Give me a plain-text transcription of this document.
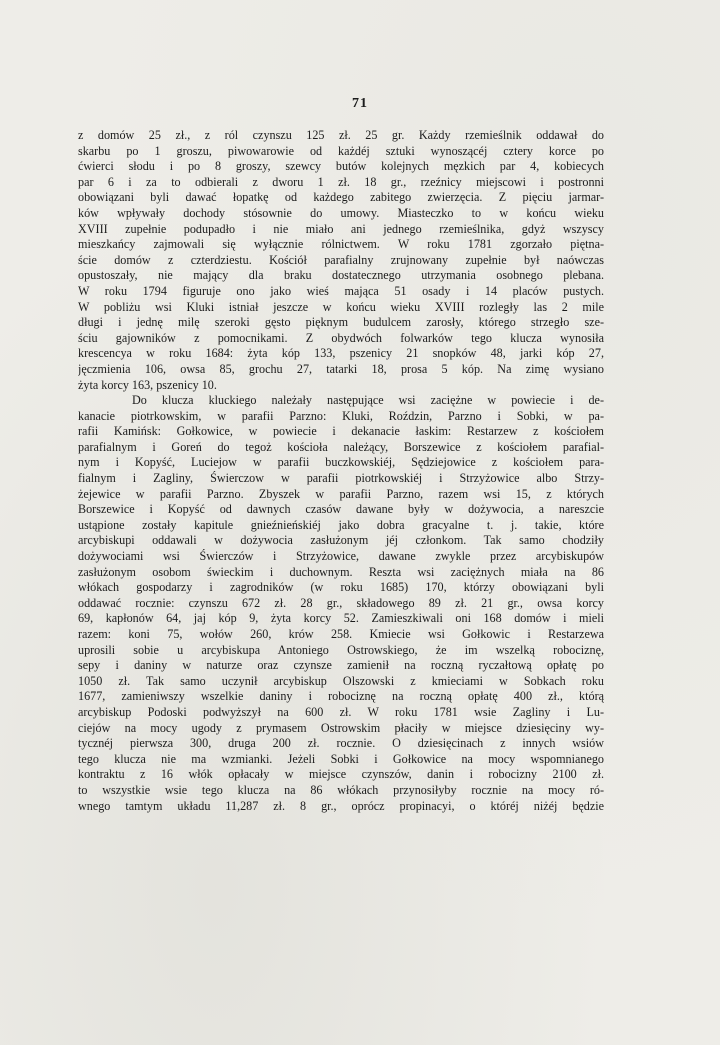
71
z domów 25 zł., z ról czynszu 125 zł. 25 gr. Każdy rzemieślnik oddawał do
skarbu po 1 groszu, piwowarowie od każdéj sztuki wynoszącéj cztery korce po
ćwierci słodu i po 8 groszy, szewcy butów kolejnych męzkich par 4, kobiecych
par 6 i za to odbierali z dworu 1 zł. 18 gr., rzeźnicy miejscowi i postronni
obowiązani byli dawać łopatkę od każdego zabitego zwierzęcia. Z pięciu jarmar-
ków wpływały dochody stósownie do umowy. Miasteczko to w końcu wieku
XVIII zupełnie podupadło i nie miało ani jednego rzemieślnika, gdyż wszyscy
mieszkańcy zajmowali się wyłącznie rólnictwem. W roku 1781 zgorzało piętna-
ście domów z czterdziestu. Kościół parafialny zrujnowany zupełnie był naówczas
opustoszały, nie mający dla braku dostatecznego utrzymania osobnego plebana.
W roku 1794 figuruje ono jako wieś mająca 51 osady i 14 placów pustych.
W pobliżu wsi Kluki istniał jeszcze w końcu wieku XVIII rozległy las 2 mile
długi i jednę milę szeroki gęsto pięknym budulcem zarosły, którego strzegło sze-
ściu gajowników z pomocnikami. Z obydwóch folwarków tego klucza wynosiła
krescencya w roku 1684: żyta kóp 133, pszenicy 21 snopków 48, jarki kóp 27,
jęczmienia 106, owsa 85, grochu 27, tatarki 18, prosa 5 kóp. Na zimę wysiano
żyta korcy 163, pszenicy 10.
Do klucza kluckiego należały następujące wsi zaciężne w powiecie i de-
kanacie piotrkowskim, w parafii Parzno: Kluki, Roździn, Parzno i Sobki, w pa-
rafii Kamińsk: Gołkowice, w powiecie i dekanacie łaskim: Restarzew z kościołem
parafialnym i Goreń do tegoż kościoła należący, Borszewice z kościołem parafial-
nym i Kopyść, Luciejow w parafii buczkowskiéj, Sędziejowice z kościołem para-
fialnym i Zagliny, Świerczow w parafii piotrkowskiéj i Strzyżowice albo Strzy-
żejewice w parafii Parzno. Zbyszek w parafii Parzno, razem wsi 15, z których
Borszewice i Kopyść od dawnych czasów dawane były w dożywocia, a nareszcie
ustąpione zostały kapitule gnieźnieńskiéj jako dobra gracyalne t. j. takie, które
arcybiskupi oddawali w dożywocia zasłużonym jéj członkom. Tak samo chodziły
dożywociami wsi Świerczów i Strzyżowice, dawane zwykle przez arcybiskupów
zasłużonym osobom świeckim i duchownym. Reszta wsi zaciężnych miała na 86
włókach gospodarzy i zagrodników (w roku 1685) 170, którzy obowiązani byli
oddawać rocznie: czynszu 672 zł. 28 gr., składowego 89 zł. 21 gr., owsa korcy
69, kapłonów 64, jaj kóp 9, żyta korcy 52. Zamieszkiwali oni 168 domów i mieli
razem: koni 75, wołów 260, krów 258. Kmiecie wsi Gołkowic i Restarzewa
uprosili sobie u arcybiskupa Antoniego Ostrowskiego, że im wszelką robociznę,
sepy i daniny w naturze oraz czynsze zamienił na roczną ryczałtową opłatę po
1050 zł. Tak samo uczynił arcybiskup Olszowski z kmieciami w Sobkach roku
1677, zamieniwszy wszelkie daniny i robociznę na roczną opłatę 400 zł., którą
arcybiskup Podoski podwyższył na 600 zł. W roku 1781 wsie Zagliny i Lu-
ciejów na mocy ugody z prymasem Ostrowskim płaciły w miejsce dziesięciny wy-
tycznéj pierwsza 300, druga 200 zł. rocznie. O dziesięcinach z innych wsiów
tego klucza nie ma wzmianki. Jeżeli Sobki i Gołkowice na mocy wspomnianego
kontraktu z 16 włók opłacały w miejsce czynszów, danin i robocizny 2100 zł.
to wszystkie wsie tego klucza na 86 włókach przynosiłyby rocznie na mocy ró-
wnego tamtym układu 11,287 zł. 8 gr., oprócz propinacyi, o któréj niżéj będzie
